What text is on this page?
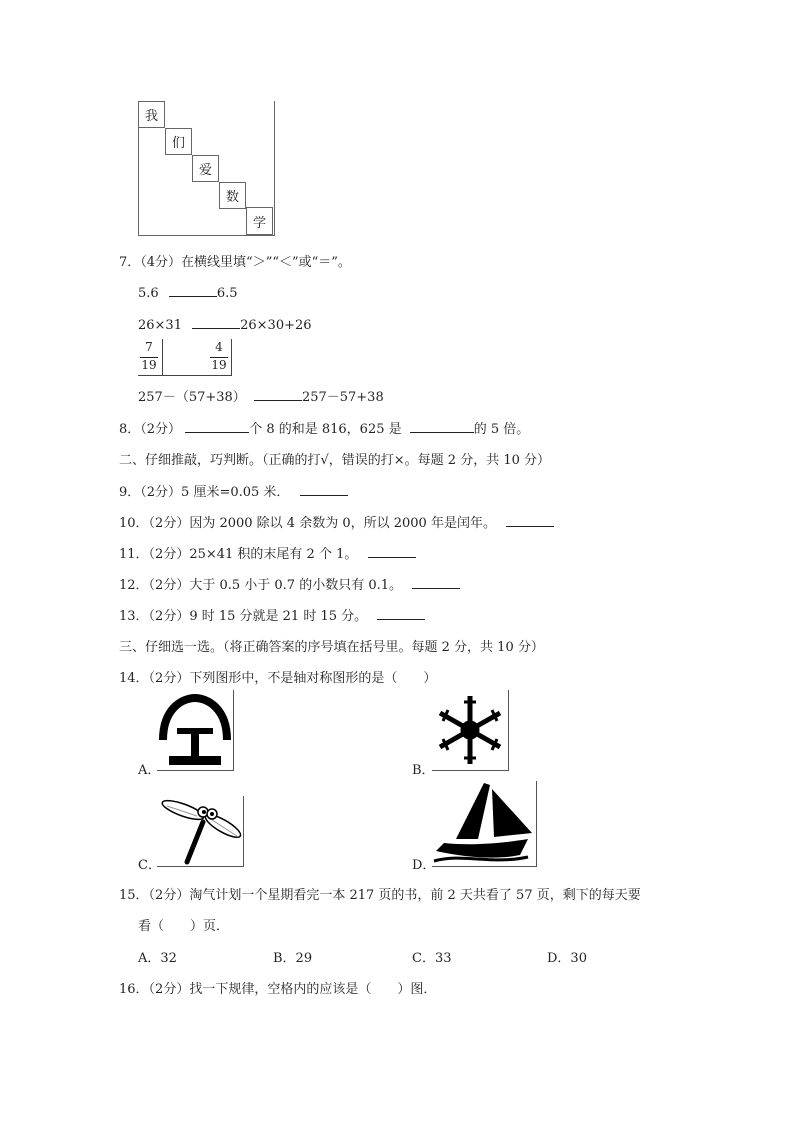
我
们
爱
数
学
7．（4分）在横线里填“＞”“＜”或“＝”。
5.6	6.5
26×31	26×30+26
7
19
4
19
257－（57+38）	257－57+38
8．（2分）	个 8 的和是 816，625 是	的 5 倍。
二、仔细推敲，巧判断。（正确的打√，错误的打×。每题 2 分，共 10 分）
9．（2分）5 厘米=0.05 米．
10．（2分）因为 2000 除以 4 余数为 0，所以 2000 年是闰年。
11．（2分）25×41 积的末尾有 2 个 1。
12．（2分）大于 0.5 小于 0.7 的小数只有 0.1。
13．（2分）9 时 15 分就是 21 时 15 分。
三、仔细选一选。（将正确答案的序号填在括号里。每题 2 分，共 10 分）
14．（2分）下列图形中，不是轴对称图形的是（　　）
A．	B．
C．	D．
15．（2分）淘气计划一个星期看完一本 217 页的书，前 2 天共看了 57 页，剩下的每天要
看（　　）页．
A．32	B．29	C．33	D．30
16．（2分）找一下规律，空格内的应该是（　　）图．
